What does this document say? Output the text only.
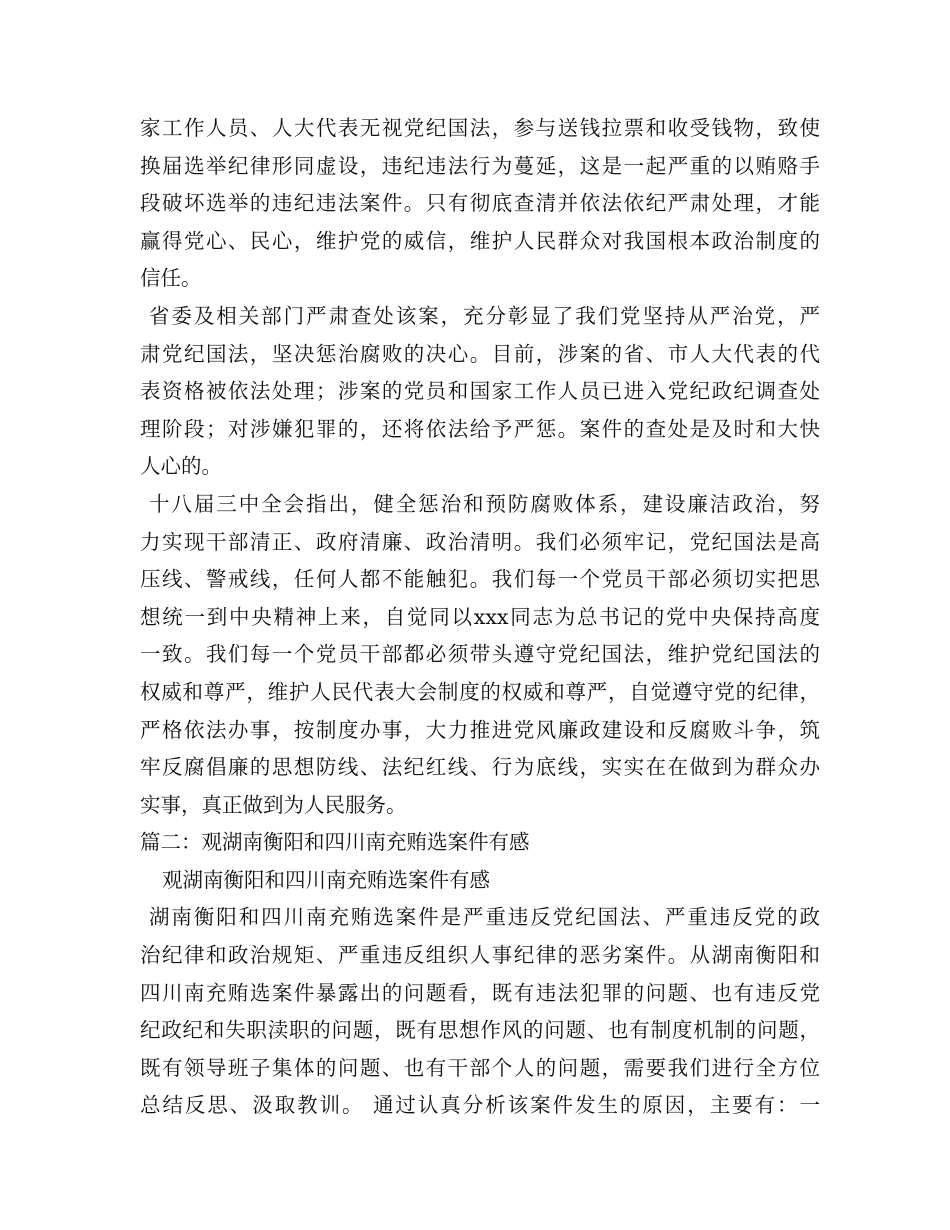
家工作人员、人大代表无视党纪国法，参与送钱拉票和收受钱物，致使
换届选举纪律形同虚设，违纪违法行为蔓延，这是一起严重的以贿赂手
段破坏选举的违纪违法案件。只有彻底查清并依法依纪严肃处理，才能
赢得党心、民心，维护党的威信，维护人民群众对我国根本政治制度的
信任。
省委及相关部门严肃查处该案，充分彰显了我们党坚持从严治党，严
肃党纪国法，坚决惩治腐败的决心。目前，涉案的省、市人大代表的代
表资格被依法处理；涉案的党员和国家工作人员已进入党纪政纪调查处
理阶段；对涉嫌犯罪的，还将依法给予严惩。案件的查处是及时和大快
人心的。
十八届三中全会指出，健全惩治和预防腐败体系，建设廉洁政治，努
力实现干部清正、政府清廉、政治清明。我们必须牢记，党纪国法是高
压线、警戒线，任何人都不能触犯。我们每一个党员干部必须切实把思
想统一到中央精神上来，自觉同以xxx同志为总书记的党中央保持高度
一致。我们每一个党员干部都必须带头遵守党纪国法，维护党纪国法的
权威和尊严，维护人民代表大会制度的权威和尊严，自觉遵守党的纪律，
严格依法办事，按制度办事，大力推进党风廉政建设和反腐败斗争，筑
牢反腐倡廉的思想防线、法纪红线、行为底线，实实在在做到为群众办
实事，真正做到为人民服务。
篇二：观湖南衡阳和四川南充贿选案件有感
观湖南衡阳和四川南充贿选案件有感
湖南衡阳和四川南充贿选案件是严重违反党纪国法、严重违反党的政
治纪律和政治规矩、严重违反组织人事纪律的恶劣案件。从湖南衡阳和
四川南充贿选案件暴露出的问题看，既有违法犯罪的问题、也有违反党
纪政纪和失职渎职的问题，既有思想作风的问题、也有制度机制的问题，
既有领导班子集体的问题、也有干部个人的问题，需要我们进行全方位
总结反思、汲取教训。 通过认真分析该案件发生的原因，主要有：一
